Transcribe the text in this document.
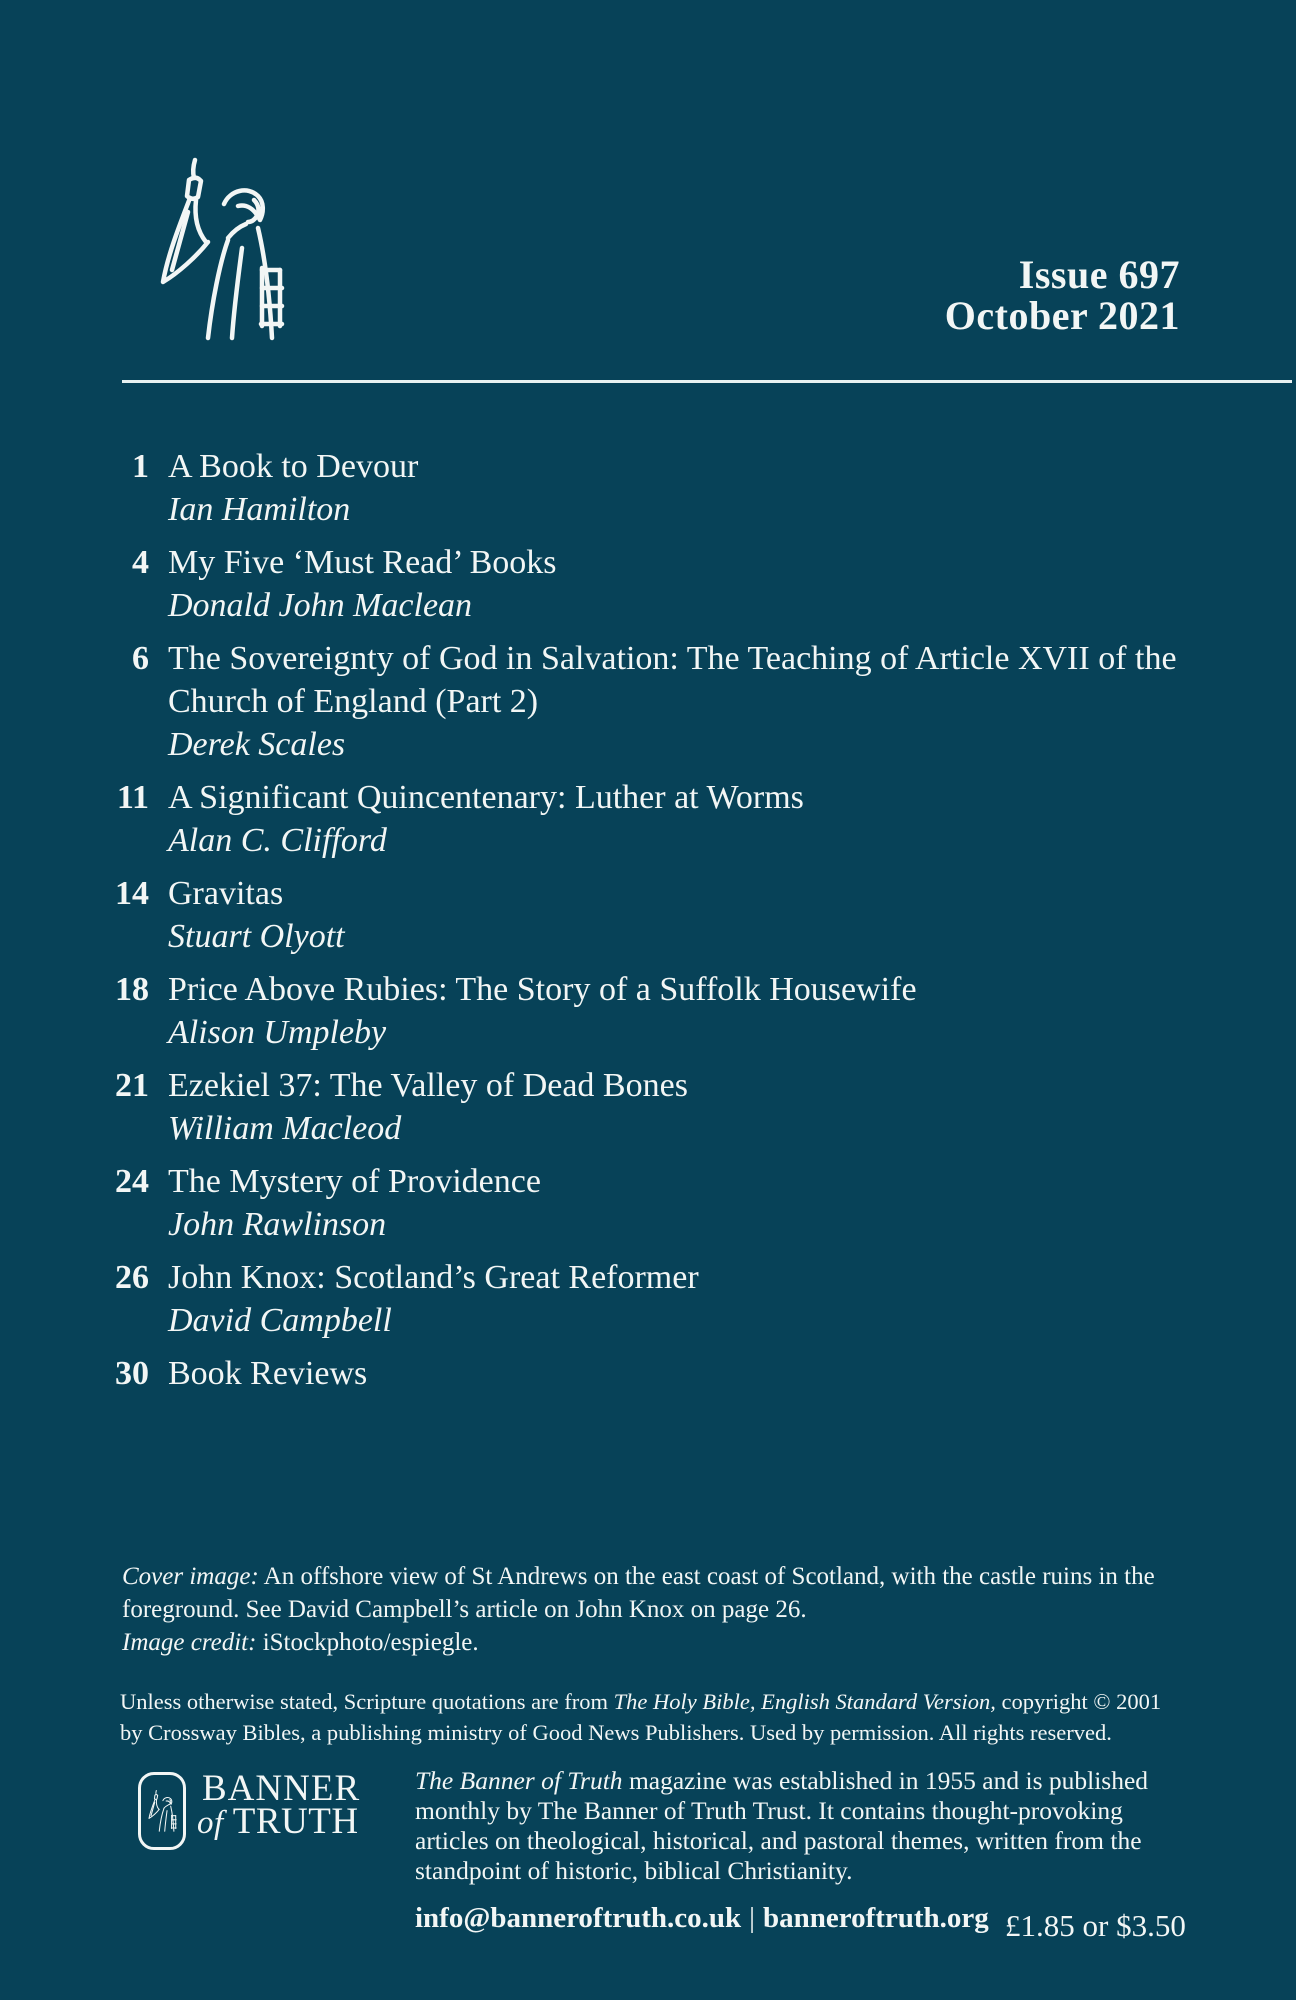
Issue 697
October 2021
1 A Book to Devour
Ian Hamilton
4 My Five ‘Must Read’ Books
Donald John Maclean
6 The Sovereignty of God in Salvation: The Teaching of Article XVII of the Church of England (Part 2)
Derek Scales
11 A Significant Quincentenary: Luther at Worms
Alan C. Clifford
14 Gravitas
Stuart Olyott
18 Price Above Rubies: The Story of a Suffolk Housewife
Alison Umpleby
21 Ezekiel 37: The Valley of Dead Bones
William Macleod
24 The Mystery of Providence
John Rawlinson
26 John Knox: Scotland’s Great Reformer
David Campbell
30 Book Reviews
Cover image: An offshore view of St Andrews on the east coast of Scotland, with the castle ruins in the foreground. See David Campbell’s article on John Knox on page 26.
Image credit: iStockphoto/espiegle.
Unless otherwise stated, Scripture quotations are from The Holy Bible, English Standard Version, copyright © 2001 by Crossway Bibles, a publishing ministry of Good News Publishers. Used by permission. All rights reserved.
BANNER
of TRUTH
The Banner of Truth magazine was established in 1955 and is published monthly by The Banner of Truth Trust. It contains thought-provoking articles on theological, historical, and pastoral themes, written from the standpoint of historic, biblical Christianity.
info@banneroftruth.co.uk | banneroftruth.org £1.85 or $3.50
